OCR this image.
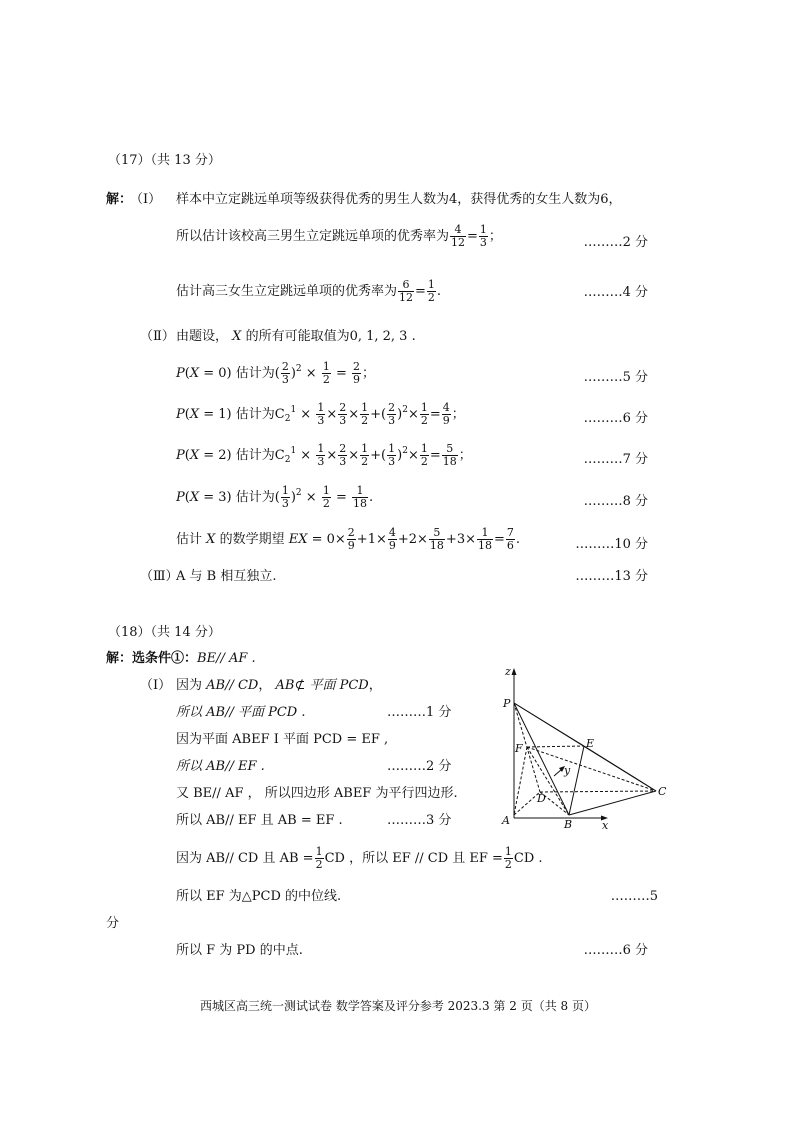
（17）（共 13 分）
解：
（Ⅰ） 样本中立定跳远单项等级获得优秀的男生人数为4，获得优秀的女生人数为6，
所以估计该校高三男生立定跳远单项的优秀率为 $\frac{4}{12} = \frac{1}{3}$ ；	………2 分
估计高三女生立定跳远单项的优秀率为 $\frac{6}{12} = \frac{1}{2}$ .	………4 分
（Ⅱ） 由题设， X 的所有可能取值为0, 1, 2, 3 .
P(X = 0) 估计为( $\frac{2}{3} )^2 \times \frac{1}{2} = \frac{2}{9}$ ；	………5 分
P(X = 1) 估计为$C_2^1 \times \frac{1}{3} \times \frac{2}{3} \times \frac{1}{2}$ +( $\frac{2}{3} )^2\times \frac{1}{2} = \frac{4}{9}$ ；	………6 分
P(X = 2) 估计为$C_2^1 \times \frac{1}{3} \times \frac{2}{3} \times \frac{1}{2}$ +( $\frac{1}{3} )^2\times \frac{1}{2} = \frac{5}{18}$ ；	………7 分
P(X = 3) 估计为( $\frac{1}{3} )^2 \times \frac{1}{2} = \frac{1}{18}$ .	………8 分
估计 X 的数学期望 EX = $0\times \frac{2}{9} +1\times \frac{4}{9} +2\times \frac{5}{18} +3\times \frac{1}{18} = \frac{7}{6}$ .	………10 分
（Ⅲ）
A 与 B 相互独立.	………13 分
（18）（共 14 分）
解：选条件①：BE// AF .
（Ⅰ） 因为 AB// CD， AB⊄ 平面 PCD，
所以 AB// 平面 PCD .	………1 分
因为平面 ABEF I 平面 PCD = EF ,
所以 AB// EF .	………2 分
又 BE// AF ， 所以四边形 ABEF 为平行四边形.
所以 AB// EF 且 AB = EF .	………3 分
因为 AB// CD 且 AB = $\frac{1}{2}$ CD ，所以 EF // CD 且 EF = $\frac{1}{2}$ CD .
所以 EF 为△PCD 的中位线.	………5
分
所以 F 为 PD 的中点.	………6 分
z
P
E
F
y
D
C
A	B	x
西城区高三统一测试试卷 数学答案及评分参考 2023.3 第 2 页（共 8 页）
